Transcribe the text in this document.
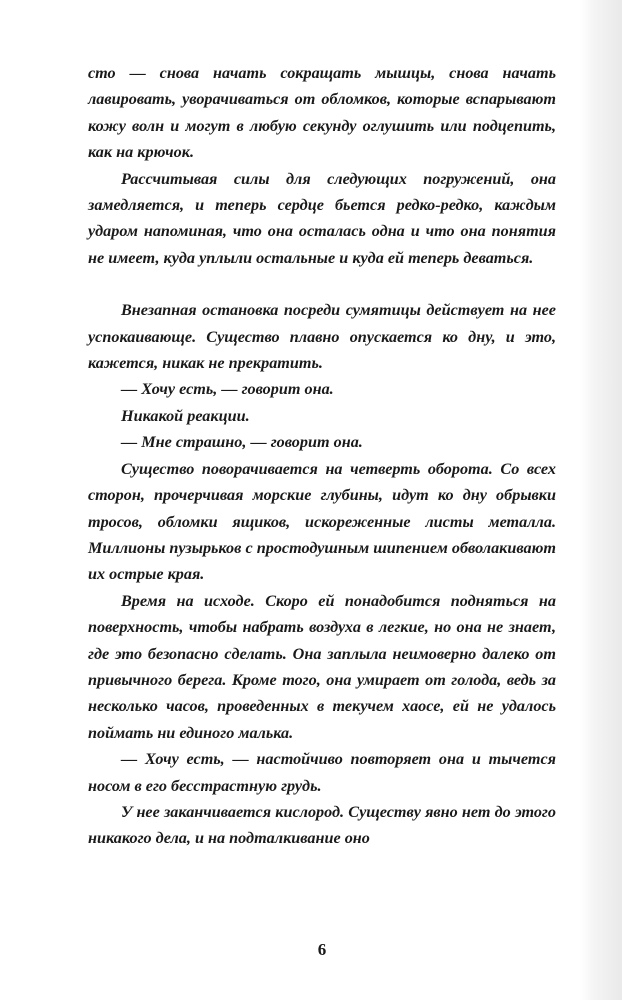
сто — снова начать сокращать мышцы, снова начать лавировать, уворачиваться от обломков, которые вспарывают кожу волн и могут в любую секунду оглушить или подцепить, как на крючок.

Рассчитывая силы для следующих погружений, она замедляется, и теперь сердце бьется редко-редко, каждым ударом напоминая, что она осталась одна и что она понятия не имеет, куда уплыли остальные и куда ей теперь деваться.

Внезапная остановка посреди сумятицы действует на нее успокаивающе. Существо плавно опускается ко дну, и это, кажется, никак не прекратить.

— Хочу есть, — говорит она.

Никакой реакции.

— Мне страшно, — говорит она.

Существо поворачивается на четверть оборота. Со всех сторон, прочерчивая морские глубины, идут ко дну обрывки тросов, обломки ящиков, искореженные листы металла. Миллионы пузырьков с простодушным шипением обволакивают их острые края.

Время на исходе. Скоро ей понадобится подняться на поверхность, чтобы набрать воздуха в легкие, но она не знает, где это безопасно сделать. Она заплыла неимоверно далеко от привычного берега. Кроме того, она умирает от голода, ведь за несколько часов, проведенных в текучем хаосе, ей не удалось поймать ни единого малька.

— Хочу есть, — настойчиво повторяет она и тычется носом в его бесстрастную грудь.

У нее заканчивается кислород. Существу явно нет до этого никакого дела, и на подталкивание оно

6
